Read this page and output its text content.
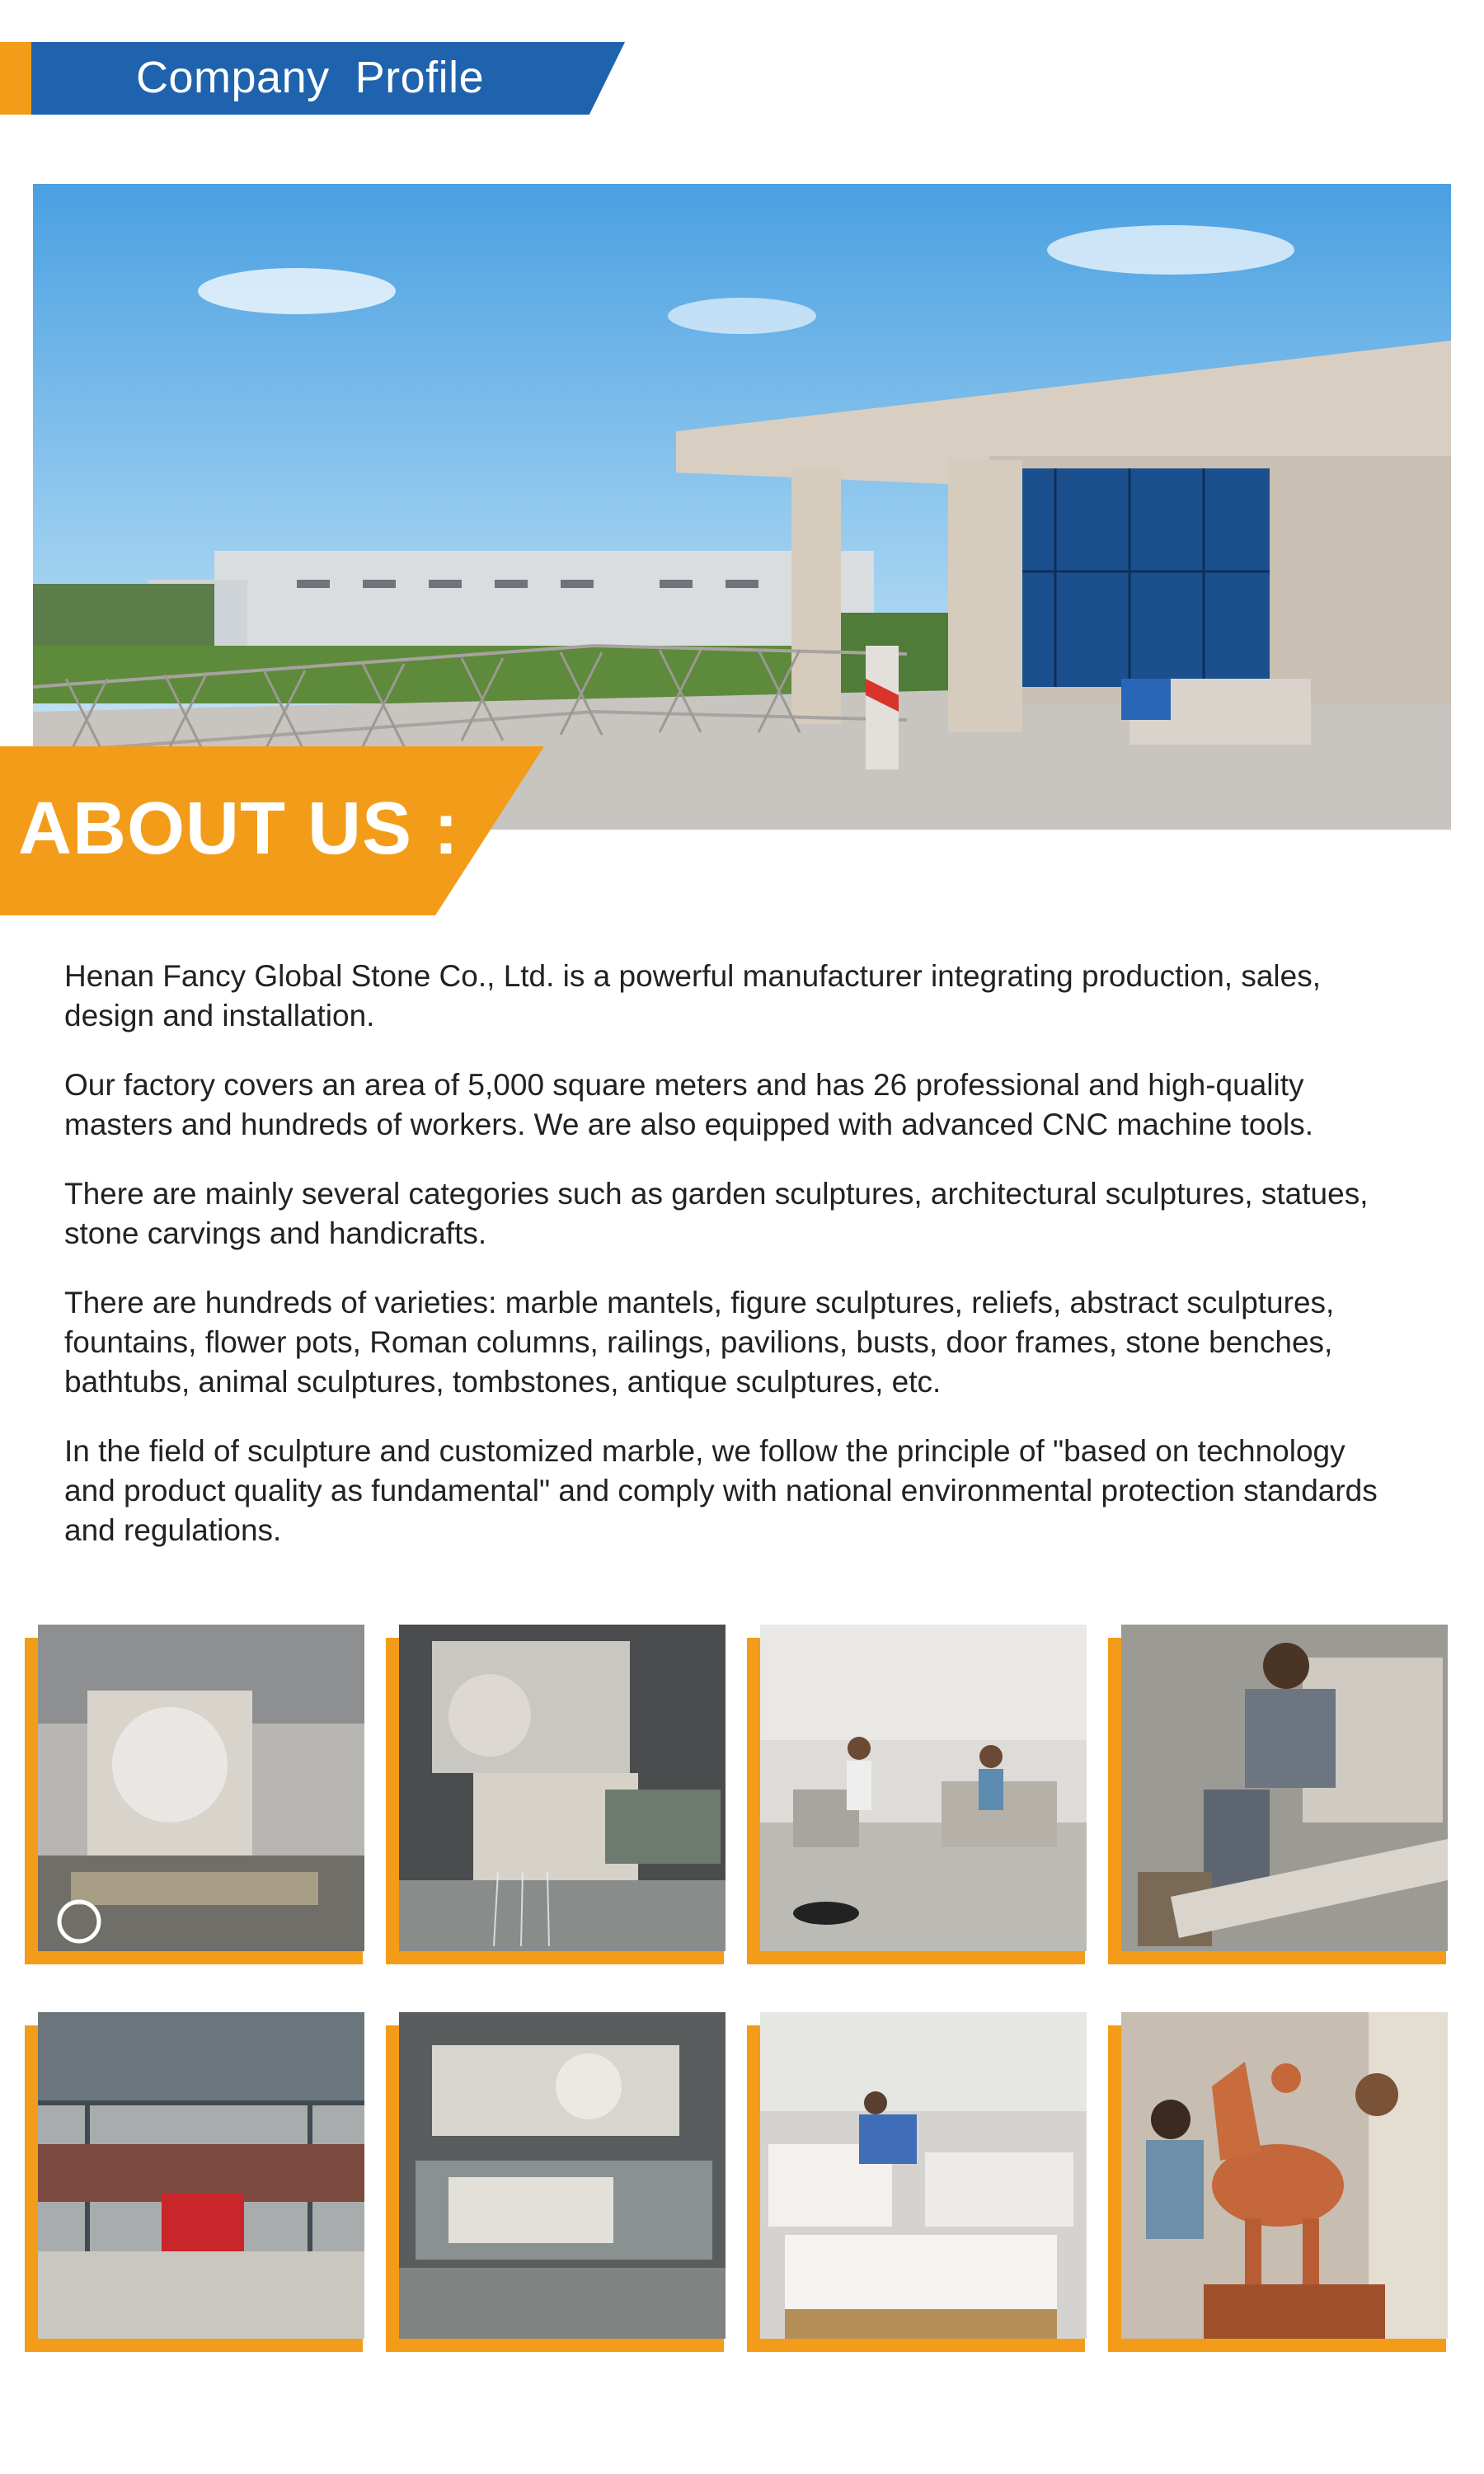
Company  Profile
ABOUT US :

Henan Fancy Global Stone Co., Ltd. is a powerful manufacturer integrating production, sales, design and installation.

Our factory covers an area of 5,000 square meters and has 26 professional and high-quality masters and hundreds of workers. We are also equipped with advanced CNC machine tools.

There are mainly several categories such as garden sculptures, architectural sculptures, statues, stone carvings and handicrafts.

There are hundreds of varieties: marble mantels, figure sculptures, reliefs, abstract sculptures, fountains, flower pots, Roman columns, railings, pavilions, busts, door frames, stone benches, bathtubs, animal sculptures, tombstones, antique sculptures, etc.

In the field of sculpture and customized marble, we follow the principle of "based on technology and product quality as fundamental" and comply with national environmental protection standards and regulations.
